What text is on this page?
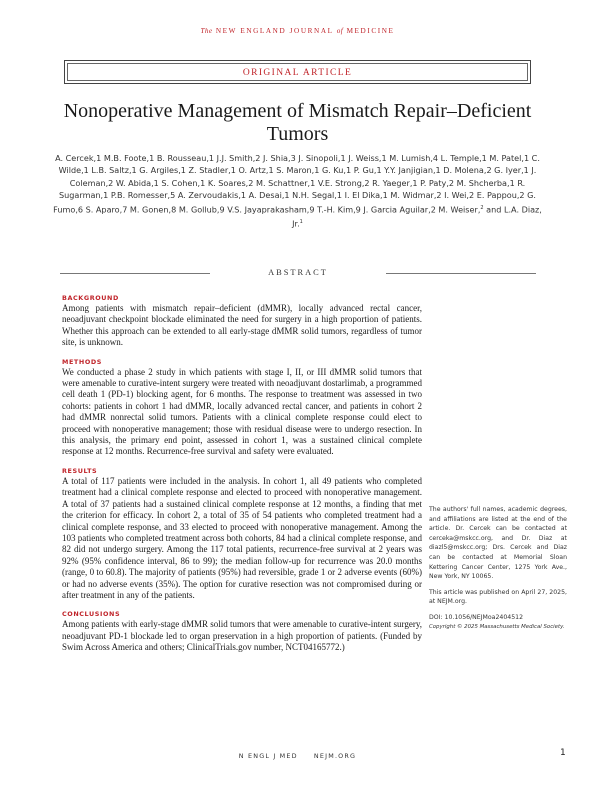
The NEW ENGLAND JOURNAL of MEDICINE
ORIGINAL ARTICLE
Nonoperative Management of Mismatch Repair–Deficient Tumors
A. Cercek,1 M.B. Foote,1 B. Rousseau,1 J.J. Smith,2 J. Shia,3 J. Sinopoli,1 J. Weiss,1 M. Lumish,4 L. Temple,1 M. Patel,1 C. Wilde,1 L.B. Saltz,1 G. Argiles,1 Z. Stadler,1 O. Artz,1 S. Maron,1 G. Ku,1 P. Gu,1 Y.Y. Janjigian,1 D. Molena,2 G. Iyer,1 J. Coleman,2 W. Abida,1 S. Cohen,1 K. Soares,2 M. Schattner,1 V.E. Strong,2 R. Yaeger,1 P. Paty,2 M. Shcherba,1 R. Sugarman,1 P.B. Romesser,5 A. Zervoudakis,1 A. Desai,1 N.H. Segal,1 I. El Dika,1 M. Widmar,2 I. Wei,2 E. Pappou,2 G. Fumo,6 S. Aparo,7 M. Gonen,8 M. Gollub,9 V.S. Jayaprakasham,9 T.-H. Kim,9 J. Garcia Aguilar,2 M. Weiser,$^2$ and L.A. Diaz, Jr.$^1$
ABSTRACT
BACKGROUND

Among patients with mismatch repair–deficient (dMMR), locally advanced rectal cancer, neoadjuvant checkpoint blockade eliminated the need for surgery in a high proportion of patients. Whether this approach can be extended to all early-stage dMMR solid tumors, regardless of tumor site, is unknown.

METHODS

We conducted a phase 2 study in which patients with stage I, II, or III dMMR solid tumors that were amenable to curative-intent surgery were treated with neoadjuvant dostarlimab, a programmed cell death 1 (PD-1) blocking agent, for 6 months. The response to treatment was assessed in two cohorts: patients in cohort 1 had dMMR, locally advanced rectal cancer, and patients in cohort 2 had dMMR nonrectal solid tumors. Patients with a clinical complete response could elect to proceed with nonoperative management; those with residual disease were to undergo resection. In this analysis, the primary end point, assessed in cohort 1, was a sustained clinical complete response at 12 months. Recurrence-free survival and safety were evaluated.

RESULTS

A total of 117 patients were included in the analysis. In cohort 1, all 49 patients who completed treatment had a clinical complete response and elected to proceed with nonoperative management. A total of 37 patients had a sustained clinical complete response at 12 months, a finding that met the criterion for efficacy. In cohort 2, a total of 35 of 54 patients who completed treatment had a clinical complete response, and 33 elected to proceed with nonoperative management. Among the 103 patients who completed treatment across both cohorts, 84 had a clinical complete response, and 82 did not undergo surgery. Among the 117 total patients, recurrence-free survival at 2 years was 92% (95% confidence interval, 86 to 99); the median follow-up for recurrence was 20.0 months (range, 0 to 60.8). The majority of patients (95%) had reversible, grade 1 or 2 adverse events (60%) or had no adverse events (35%). The option for curative resection was not compromised during or after treatment in any of the patients.

CONCLUSIONS

Among patients with early-stage dMMR solid tumors that were amenable to curative-intent surgery, neoadjuvant PD-1 blockade led to organ preservation in a high proportion of patients. (Funded by Swim Across America and others; ClinicalTrials.gov number, NCT04165772.)

The authors' full names, academic degrees, and affiliations are listed at the end of the article. Dr. Cercek can be contacted at cerceka@mskcc.org, and Dr. Diaz at diazl5@mskcc.org; Drs. Cercek and Diaz can be contacted at Memorial Sloan Kettering Cancer Center, 1275 York Ave., New York, NY 10065.

This article was published on April 27, 2025, at NEJM.org.

DOI: 10.1056/NEJMoa2404512

Copyright © 2025 Massachusetts Medical Society.

N ENGL J MED	NEJM.ORG	1
